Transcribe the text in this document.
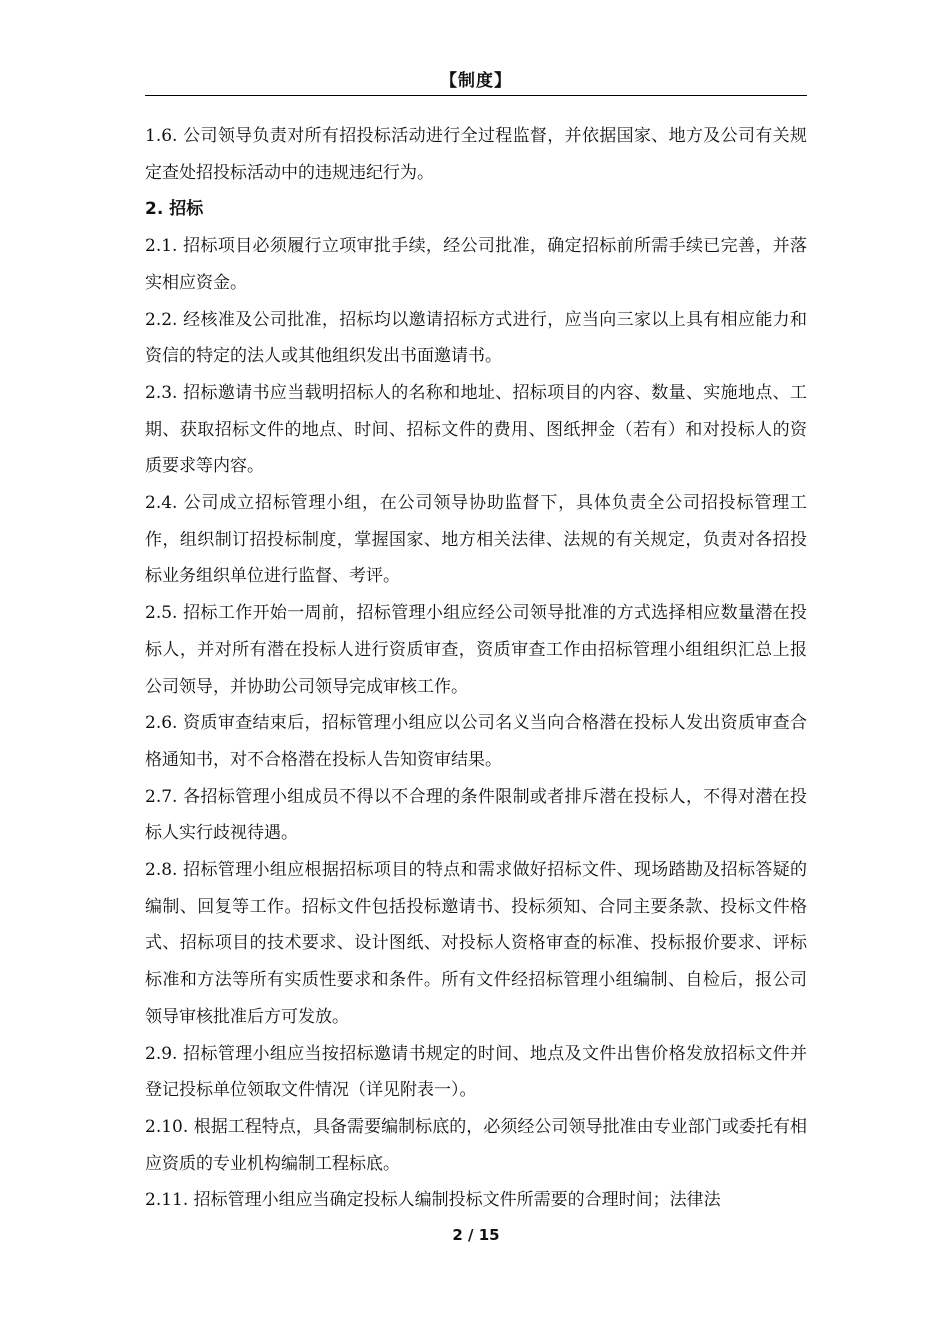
【制度】

1.6. 公司领导负责对所有招投标活动进行全过程监督，并依据国家、地方及公司有关规定查处招投标活动中的违规违纪行为。

2. 招标

2.1. 招标项目必须履行立项审批手续，经公司批准，确定招标前所需手续已完善，并落实相应资金。

2.2. 经核准及公司批准，招标均以邀请招标方式进行，应当向三家以上具有相应能力和资信的特定的法人或其他组织发出书面邀请书。

2.3. 招标邀请书应当载明招标人的名称和地址、招标项目的内容、数量、实施地点、工期、获取招标文件的地点、时间、招标文件的费用、图纸押金（若有）和对投标人的资质要求等内容。

2.4. 公司成立招标管理小组，在公司领导协助监督下，具体负责全公司招投标管理工作，组织制订招投标制度，掌握国家、地方相关法律、法规的有关规定，负责对各招投标业务组织单位进行监督、考评。

2.5. 招标工作开始一周前，招标管理小组应经公司领导批准的方式选择相应数量潜在投标人，并对所有潜在投标人进行资质审查，资质审查工作由招标管理小组组织汇总上报公司领导，并协助公司领导完成审核工作。

2.6. 资质审查结束后，招标管理小组应以公司名义当向合格潜在投标人发出资质审查合格通知书，对不合格潜在投标人告知资审结果。

2.7. 各招标管理小组成员不得以不合理的条件限制或者排斥潜在投标人，不得对潜在投标人实行歧视待遇。

2.8. 招标管理小组应根据招标项目的特点和需求做好招标文件、现场踏勘及招标答疑的编制、回复等工作。招标文件包括投标邀请书、投标须知、合同主要条款、投标文件格式、招标项目的技术要求、设计图纸、对投标人资格审查的标准、投标报价要求、评标标准和方法等所有实质性要求和条件。所有文件经招标管理小组编制、自检后，报公司领导审核批准后方可发放。

2.9. 招标管理小组应当按招标邀请书规定的时间、地点及文件出售价格发放招标文件并登记投标单位领取文件情况（详见附表一）。

2.10. 根据工程特点，具备需要编制标底的，必须经公司领导批准由专业部门或委托有相应资质的专业机构编制工程标底。

2.11. 招标管理小组应当确定投标人编制投标文件所需要的合理时间；法律法

2 / 15
